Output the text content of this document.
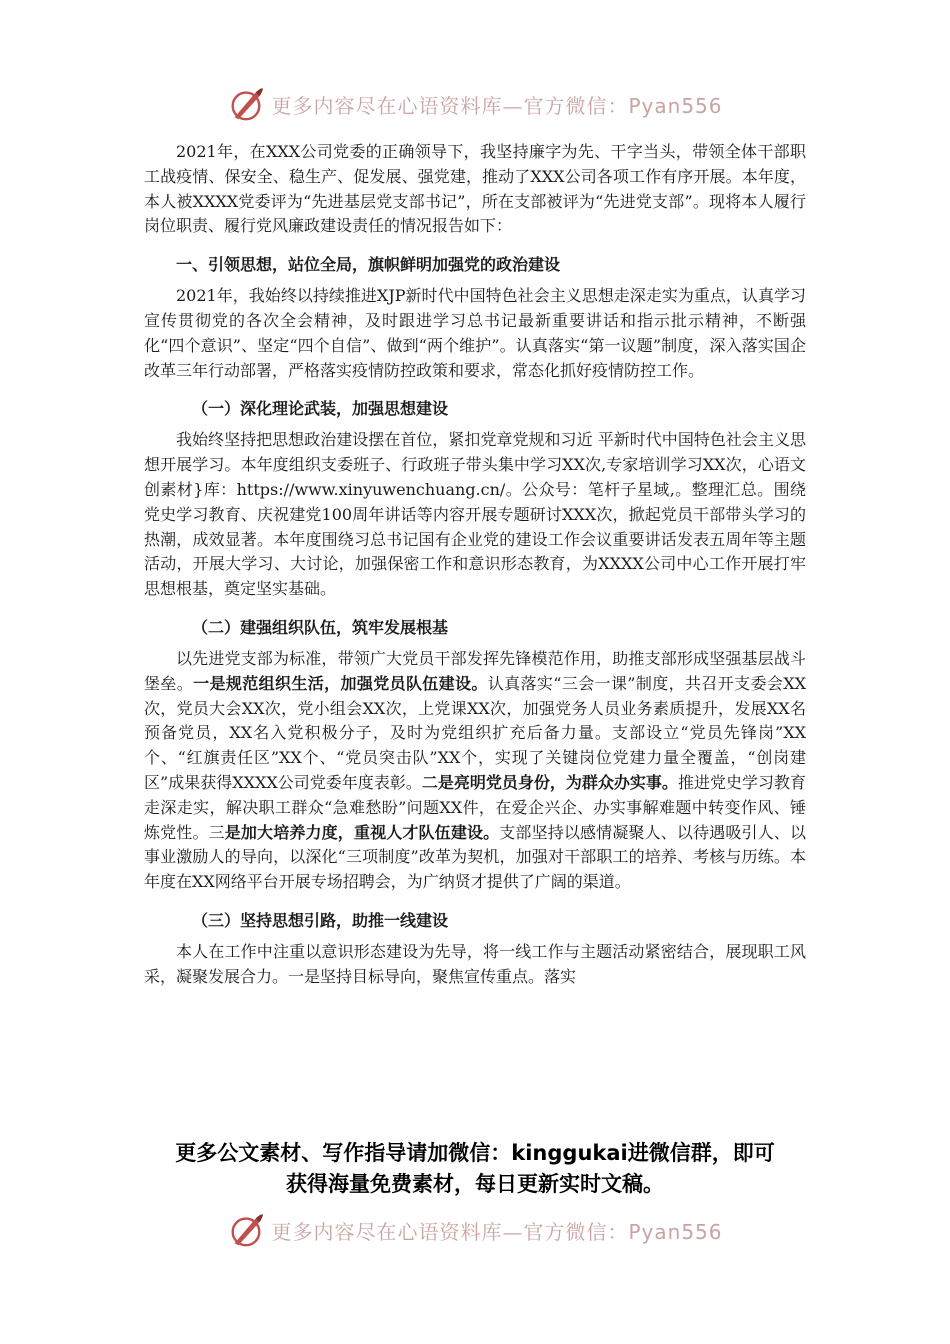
更多内容尽在心语资料库—官方微信：Pyan556

2021年，在XXX公司党委的正确领导下，我坚持廉字为先、干字当头，带领全体干部职工战疫情、保安全、稳生产、促发展、强党建，推动了XXX公司各项工作有序开展。本年度，本人被XXXX党委评为“先进基层党支部书记”，所在支部被评为“先进党支部”。现将本人履行岗位职责、履行党风廉政建设责任的情况报告如下：

一、引领思想，站位全局，旗帜鲜明加强党的政治建设

2021年，我始终以持续推进XJP新时代中国特色社会主义思想走深走实为重点，认真学习宣传贯彻党的各次全会精神，及时跟进学习总书记最新重要讲话和指示批示精神，不断强化“四个意识”、坚定“四个自信”、做到“两个维护”。认真落实“第一议题”制度，深入落实国企改革三年行动部署，严格落实疫情防控政策和要求，常态化抓好疫情防控工作。

（一）深化理论武装，加强思想建设

我始终坚持把思想政治建设摆在首位，紧扣党章党规和习近 平新时代中国特色社会主义思想开展学习。本年度组织支委班子、行政班子带头集中学习XX次,专家培训学习XX次，心语文创素材}库：https://www.xinyuwenchuang.cn/。公众号：笔杆子星域,。整理汇总。围绕党史学习教育、庆祝建党100周年讲话等内容开展专题研讨XXX次，掀起党员干部带头学习的热潮，成效显著。本年度围绕习总书记国有企业党的建设工作会议重要讲话发表五周年等主题活动，开展大学习、大讨论，加强保密工作和意识形态教育，为XXXX公司中心工作开展打牢思想根基，奠定坚实基础。

（二）建强组织队伍，筑牢发展根基

以先进党支部为标准，带领广大党员干部发挥先锋模范作用，助推支部形成坚强基层战斗堡垒。一是规范组织生活，加强党员队伍建设。认真落实“三会一课”制度，共召开支委会XX次，党员大会XX次，党小组会XX次，上党课XX次，加强党务人员业务素质提升，发展XX名预备党员，XX名入党积极分子，及时为党组织扩充后备力量。支部设立“党员先锋岗”XX个、“红旗责任区”XX个、“党员突击队”XX个，实现了关键岗位党建力量全覆盖，“创岗建区”成果获得XXXX公司党委年度表彰。二是亮明党员身份，为群众办实事。推进党史学习教育走深走实，解决职工群众“急难愁盼”问题XX件，在爱企兴企、办实事解难题中转变作风、锤炼党性。三是加大培养力度，重视人才队伍建设。支部坚持以感情凝聚人、以待遇吸引人、以事业激励人的导向，以深化“三项制度”改革为契机，加强对干部职工的培养、考核与历练。本年度在XX网络平台开展专场招聘会，为广纳贤才提供了广阔的渠道。

（三）坚持思想引路，助推一线建设

本人在工作中注重以意识形态建设为先导，将一线工作与主题活动紧密结合，展现职工风采，凝聚发展合力。一是坚持目标导向，聚焦宣传重点。落实

更多公文素材、写作指导请加微信：kinggukai进微信群，即可
获得海量免费素材，每日更新实时文稿。
更多内容尽在心语资料库—官方微信：Pyan556
